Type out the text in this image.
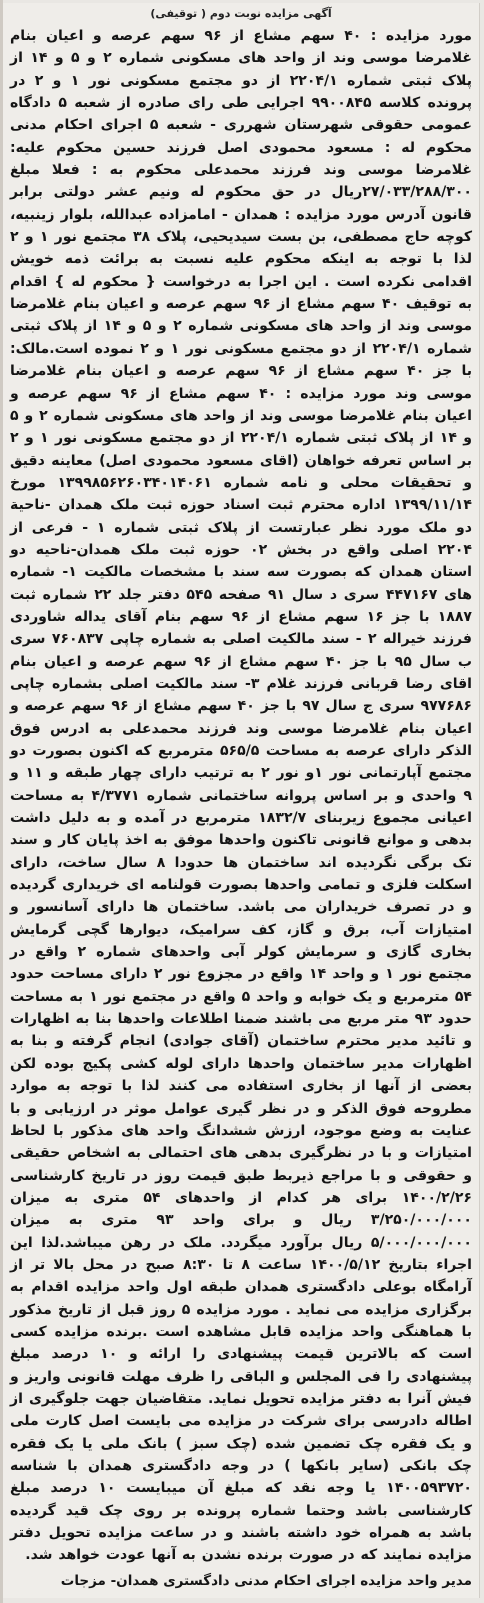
آگهی مزایده نوبت دوم ( توقیفی)

مورد مزایده : ۴۰ سهم مشاع از ۹۶ سهم عرصه و اعیان بنام غلامرضا موسی وند از واحد های مسکونی شماره ۲ و ۵ و ۱۴ از پلاک ثبتی شماره ۲۲۰۴/۱ از دو مجتمع مسکونی نور ۱ و ۲ در پرونده کلاسه ۹۹۰۰۸۴۵ اجرایی طی رای صادره از شعبه ۵ دادگاه عمومی حقوقی شهرستان شهرری - شعبه ۵ اجرای احکام مدنی محکوم له : مسعود محمودی اصل فرزند حسین محکوم علیه: غلامرضا موسی وند فرزند محمدعلی محکوم به : فعلا مبلغ ۲۷/۰۳۳/۲۸۸/۳۰۰ریال در حق محکوم له ونیم عشر دولتی برابر قانون آدرس مورد مزایده : همدان - امامزاده عبدالله، بلوار زینبیه، کوچه حاج مصطفی، بن بست سیدیحیی، پلاک ۳۸ مجتمع نور ۱ و ۲ لذا با توجه به اینکه محکوم علیه نسبت به برائت ذمه خویش اقدامی نکرده است . این اجرا به درخواست { محکوم له } اقدام به توقیف ۴۰ سهم مشاع از ۹۶ سهم عرصه و اعیان بنام غلامرضا موسی وند از واحد های مسکونی شماره ۲ و ۵ و ۱۴ از پلاک ثبتی شماره ۲۲۰۴/۱ از دو مجتمع مسکونی نور ۱ و ۲ نموده است.مالک: با جز ۴۰ سهم مشاع از ۹۶ سهم عرصه و اعیان بنام غلامرضا موسی وند مورد مزایده : ۴۰ سهم مشاع از ۹۶ سهم عرصه و اعیان بنام غلامرضا موسی وند از واحد های مسکونی شماره ۲ و ۵ و ۱۴ از پلاک ثبتی شماره ۲۲۰۴/۱ از دو مجتمع مسکونی نور ۱ و ۲ بر اساس تعرفه خواهان (اقای مسعود محمودی اصل) معاینه دقیق و تحقیقات محلی و نامه شماره ۱۳۹۹۸۵۶۲۶۰۳۴۰۱۴۰۶۱ مورخ ۱۳۹۹/۱۱/۱۴ اداره محترم ثبت اسناد حوزه ثبت ملک همدان -ناحیة دو ملک مورد نظر عبارتست از پلاک ثبتی شماره ۱ - فرعی از ۲۲۰۴ اصلی واقع در بخش ۰۲ حوزه ثبت ملک همدان-ناحیه دو استان همدان که بصورت سه سند با مشخصات مالکیت ۱- شماره های ۴۴۷۱۶۷ سری د سال ۹۱ صفحه ۵۴۵ دفتر جلد ۲۲ شماره ثبت ۱۸۸۷ با جز ۱۶ سهم مشاع از ۹۶ سهم بنام آقای یداله شاوردی فرزند خیراله ۲ - سند مالکیت اصلی به شماره چاپی ۷۶۰۸۳۷ سری ب سال ۹۵ با جز ۴۰ سهم مشاع از ۹۶ سهم عرصه و اعیان بنام اقای رضا قربانی فرزند غلام ۳- سند مالکیت اصلی بشماره چاپی ۹۷۷۶۸۶ سری ج سال ۹۷ با جز ۴۰ سهم مشاع از ۹۶ سهم عرصه و اعیان بنام غلامرضا موسی وند فرزند محمدعلی به ادرس فوق الذکر دارای عرصه به مساحت ۵۶۵/۵ مترمربع که اکنون بصورت دو مجتمع آپارتمانی نور ۱و نور ۲ به ترتیب دارای چهار طبقه و ۱۱ و ۹ واحدی و بر اساس پروانه ساختمانی شماره ۴/۳۷۷۱ به مساحت اعیانی مجموع زیربنای ۱۸۳۲/۷ مترمربع در آمده و به دلیل داشت بدهی و موانع قانونی تاکنون واحدها موفق به اخذ پایان کار و سند تک برگی نگردیده اند ساختمان ها حدودا ۸ سال ساخت، دارای اسکلت فلزی و تمامی واحدها بصورت قولنامه ای خریداری گردیده و در تصرف خریداران می باشد. ساختمان ها دارای آسانسور و امتیازات آب، برق و گاز، کف سرامیک، دیوارها گچی گرمایش بخاری گازی و سرمایش کولر آبی واحدهای شماره ۲ واقع در مجتمع نور ۱ و واحد ۱۴ واقع در مجزوع نور ۲ دارای مساحت حدود ۵۴ مترمربع و یک خوابه و واحد ۵ واقع در مجتمع نور ۱ به مساحت حدود ۹۳ متر مربع می باشند ضمنا اطلاعات واحدها بنا به اظهارات و تائید مدیر محترم ساختمان (آقای جوادی) انجام گرفته و بنا به اظهارات مدیر ساختمان واحدها دارای لوله کشی پکیج بوده لکن بعضی از آنها از بخاری استفاده می کنند لذا با توجه به موارد مطروحه فوق الذکر و در نظر گیری عوامل موثر در ارزیابی و با عنایت به وضع موجود، ارزش ششدانگ واحد های مذکور با لحاظ امتیازات و با در نظرگیری بدهی های احتمالی به اشخاص حقیقی و حقوقی و با مراجع ذیربط طبق قیمت روز در تاریخ کارشناسی ۱۴۰۰/۲/۲۶ برای هر کدام از واحدهای ۵۴ متری به میزان ۳/۲۵۰/۰۰۰/۰۰۰ ریال و برای واحد ۹۳ متری به میزان ۵/۰۰۰/۰۰۰/۰۰۰ ریال برآورد میگردد. ملک در رهن میباشد.لذا این اجراء بتاریخ ۱۴۰۰/۵/۱۲ ساعت ۸ تا ۸:۳۰ صبح در محل بالا تر از آرامگاه بوعلی دادگستری همدان طبقه اول واحد مزایده اقدام به برگزاری مزایده می نماید . مورد مزایده ۵ روز قبل از تاریخ مذکور با هماهنگی واحد مزایده قابل مشاهده است .برنده مزایده کسی است که بالاترین قیمت پیشنهادی را ارائه و ۱۰ درصد مبلغ پیشنهادی را فی المجلس و الباقی را ظرف مهلت قانونی واریز و فیش آنرا به دفتر مزایده تحویل نماید. متقاضیان جهت جلوگیری از اطاله دادرسی برای شرکت در مزایده می بایست اصل کارت ملی و یک فقره چک تضمین شده (چک سبز ) بانک ملی یا یک فقره چک بانکی (سایر بانکها ) در وجه دادگستری همدان با شناسه ۱۴۰۰۵۹۳۷۲۰ یا وجه نقد که مبلغ آن میبایست ۱۰ درصد مبلغ کارشناسی باشد وحتما شماره پرونده بر روی چک قید گردیده باشد به همراه خود داشته باشند و در ساعت مزایده تحویل دفتر مزایده نمایند که در صورت برنده نشدن به آنها عودت خواهد شد.

مدیر واحد مزایده اجرای احکام مدنی دادگستری همدان- مزجات
